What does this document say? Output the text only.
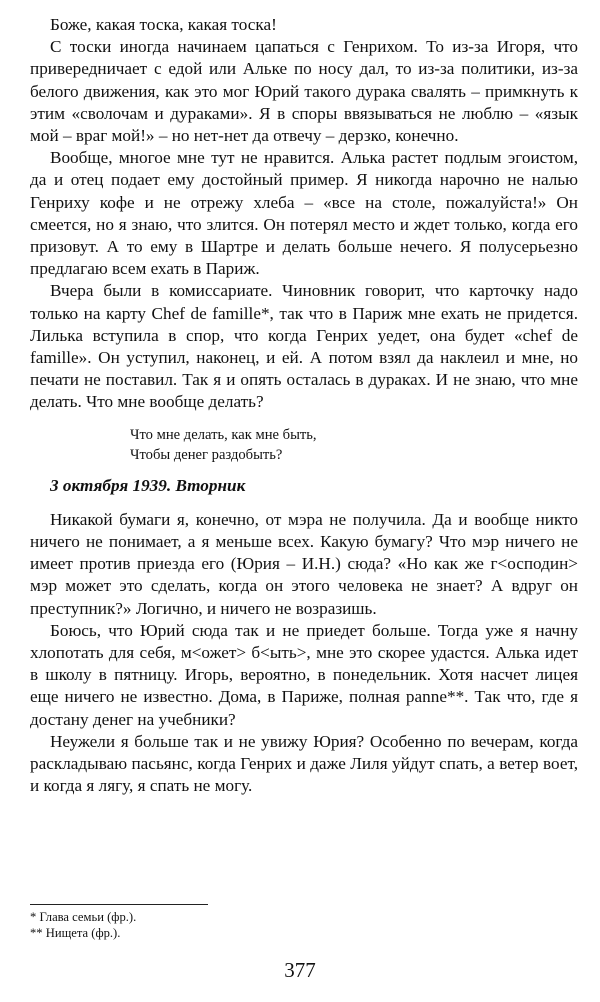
Боже, какая тоска, какая тоска!

С тоски иногда начинаем цапаться с Генрихом. То из-за Игоря, что привередничает с едой или Альке по носу дал, то из-за политики, из-за белого движения, как это мог Юрий такого дурака свалять – примкнуть к этим «сволочам и дураками». Я в споры ввязываться не люблю – «язык мой – враг мой!» – но нет-нет да отвечу – дерзко, конечно.

Вообще, многое мне тут не нравится. Алька растет подлым эгоистом, да и отец подает ему достойный пример. Я никогда нарочно не налью Генриху кофе и не отрежу хлеба – «все на столе, пожалуйста!» Он смеется, но я знаю, что злится. Он потерял место и ждет только, когда его призовут. А то ему в Шартре и делать больше нечего. Я полусерьезно предлагаю всем ехать в Париж.

Вчера были в комиссариате. Чиновник говорит, что карточку надо только на карту Chef de famille*, так что в Париж мне ехать не придется. Лилька вступила в спор, что когда Генрих уедет, она будет «chef de famille». Он уступил, наконец, и ей. А потом взял да наклеил и мне, но печати не поставил. Так я и опять осталась в дураках. И не знаю, что мне делать. Что мне вообще делать?

Что мне делать, как мне быть,
Чтобы денег раздобыть?
3 октября 1939. Вторник

Никакой бумаги я, конечно, от мэра не получила. Да и вообще никто ничего не понимает, а я меньше всех. Какую бумагу? Что мэр ничего не имеет против приезда его (Юрия – И.Н.) сюда? «Но как же г<осподин> мэр может это сделать, когда он этого человека не знает? А вдруг он преступник?» Логично, и ничего не возразишь.

Боюсь, что Юрий сюда так и не приедет больше. Тогда уже я начну хлопотать для себя, м<ожет> б<ыть>, мне это скорее удастся. Алька идет в школу в пятницу. Игорь, вероятно, в понедельник. Хотя насчет лицея еще ничего не известно. Дома, в Париже, полная panne**. Так что, где я достану денег на учебники?

Неужели я больше так и не увижу Юрия? Особенно по вечерам, когда раскладываю пасьянс, когда Генрих и даже Лиля уйдут спать, а ветер воет, и когда я лягу, я спать не могу.

* Глава семьи (фр.).
** Нищета (фр.).
377
